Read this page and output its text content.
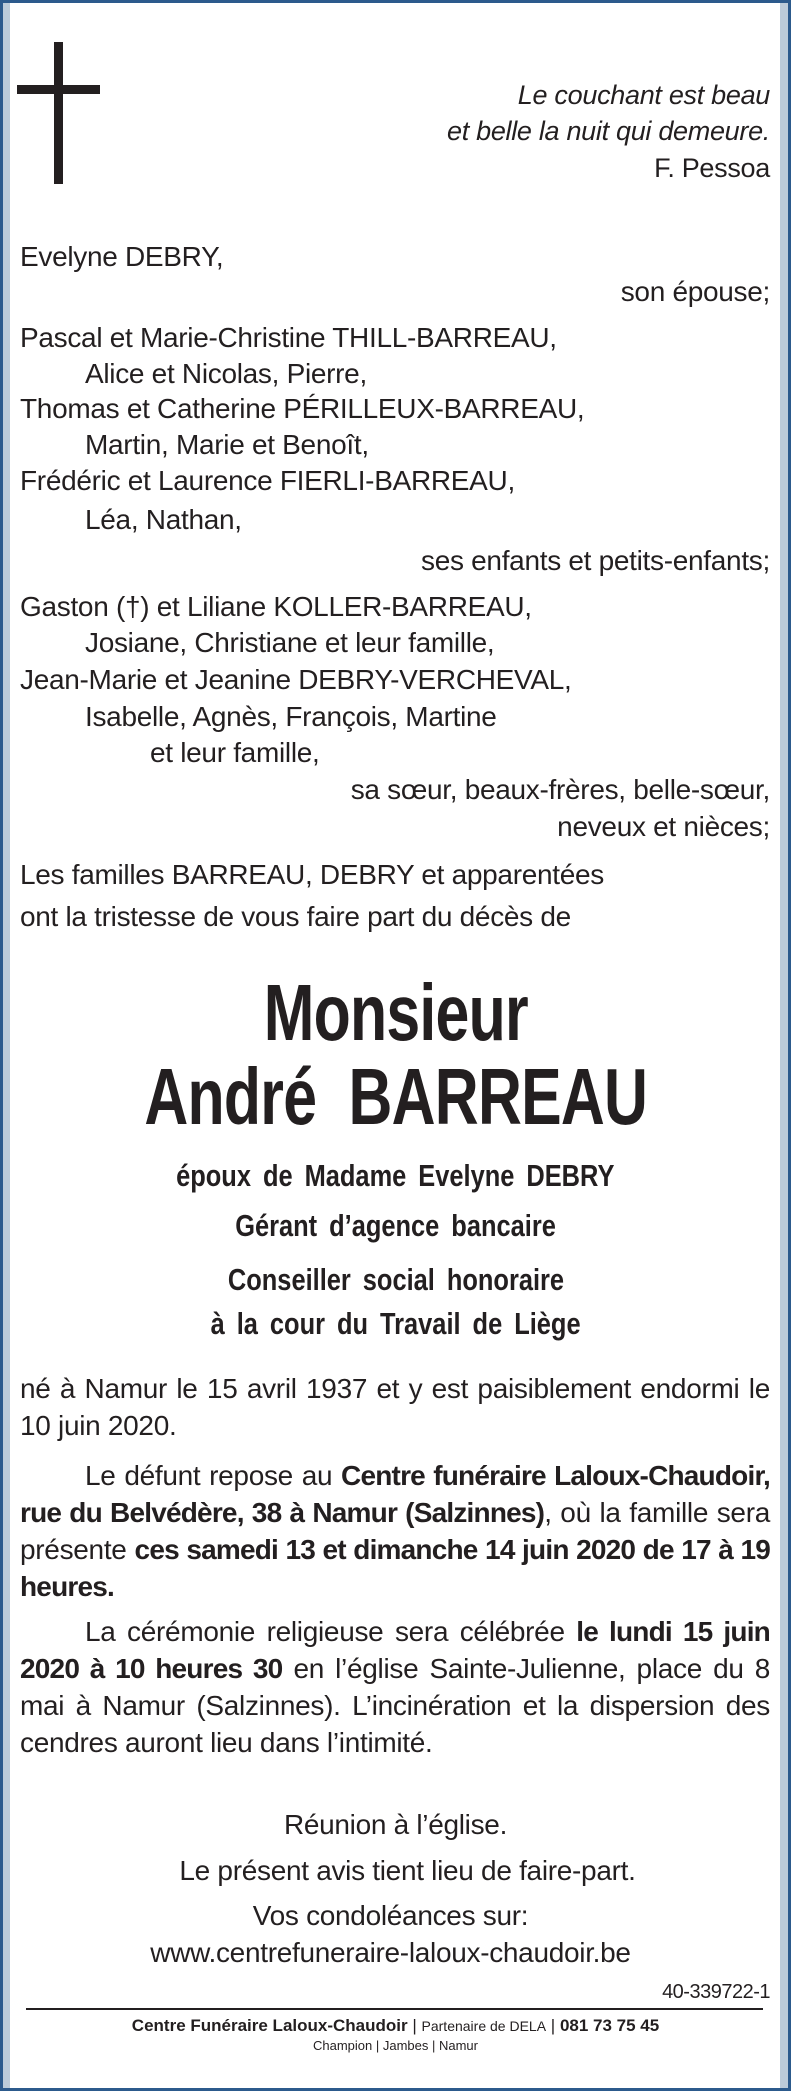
Le couchant est beau
et belle la nuit qui demeure.
F. Pessoa
Evelyne DEBRY,
son épouse;
Pascal et Marie-Christine THILL-BARREAU,
Alice et Nicolas, Pierre,
Thomas et Catherine PÉRILLEUX-BARREAU,
Martin, Marie et Benoît,
Frédéric et Laurence FIERLI-BARREAU,
Léa, Nathan,
ses enfants et petits-enfants;
Gaston (†) et Liliane KOLLER-BARREAU,
Josiane, Christiane et leur famille,
Jean-Marie et Jeanine DEBRY-VERCHEVAL,
Isabelle, Agnès, François, Martine
et leur famille,
sa sœur, beaux-frères, belle-sœur,
neveux et nièces;
Les familles BARREAU, DEBRY et apparentées
ont la tristesse de vous faire part du décès de
Monsieur
André  BARREAU
époux de Madame Evelyne DEBRY
Gérant d’agence bancaire
Conseiller social honoraire
à la cour du Travail de Liège
né à Namur le 15 avril 1937 et y est paisiblement endormi le 10 juin 2020.
Le défunt repose au Centre funéraire Laloux-Chaudoir, rue du Belvédère, 38 à Namur (Salzinnes), où la famille sera présente ces samedi 13 et dimanche 14 juin 2020 de 17 à 19 heures.
La cérémonie religieuse sera célébrée le lundi 15 juin 2020 à 10 heures 30 en l’église Sainte-Julienne, place du 8 mai à Namur (Salzinnes). L’incinération et la dispersion des cendres auront lieu dans l’intimité.
Réunion à l’église.
Le présent avis tient lieu de faire-part.
Vos condoléances sur:
www.centrefuneraire-laloux-chaudoir.be
40-339722-1
Centre Funéraire Laloux-Chaudoir | Partenaire de DELA | 081 73 75 45
Champion | Jambes | Namur
